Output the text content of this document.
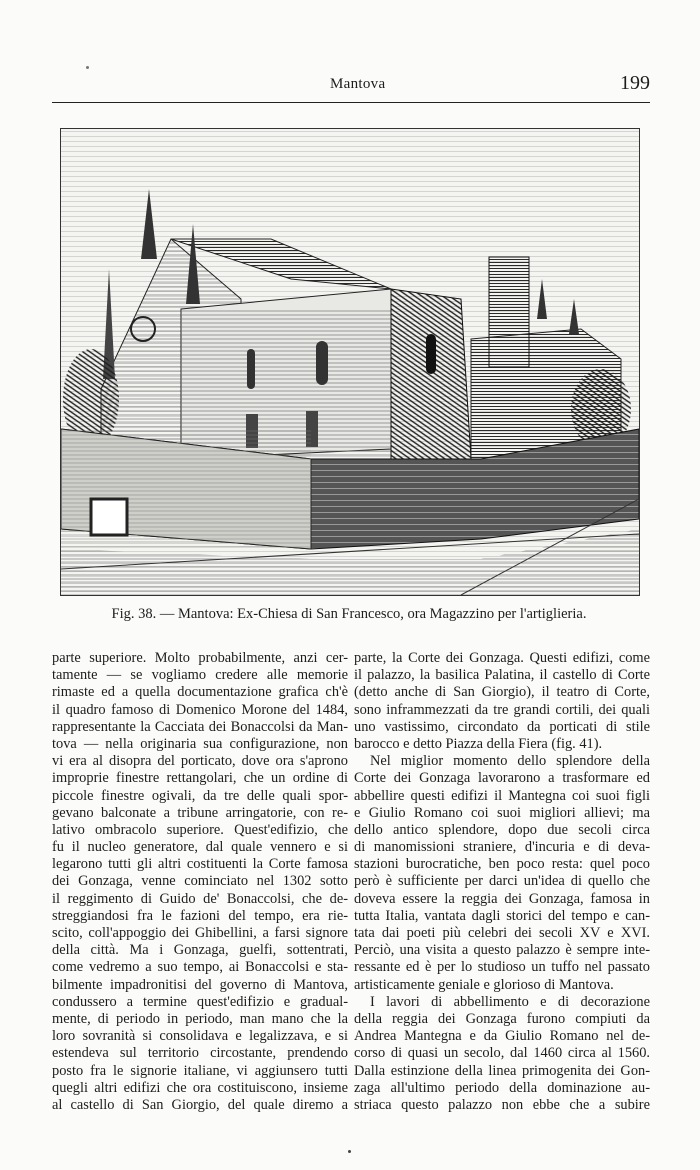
Mantova	199
Fig. 38. — Mantova: Ex-Chiesa di San Francesco, ora Magazzino per l'artiglieria.
parte superiore. Molto probabilmente, anzi cer-
tamente — se vogliamo credere alle memorie
rimaste ed a quella documentazione grafica ch'è
il quadro famoso di Domenico Morone del 1484,
rappresentante la Cacciata dei Bonaccolsi da Man-
tova — nella originaria sua configurazione, non
vi era al disopra del porticato, dove ora s'aprono
improprie finestre rettangolari, che un ordine di
piccole finestre ogivali, da tre delle quali spor-
gevano balconate a tribune arringatorie, con re-
lativo ombracolo superiore. Quest'edifizio, che
fu il nucleo generatore, dal quale vennero e si
legarono tutti gli altri costituenti la Corte famosa
dei Gonzaga, venne cominciato nel 1302 sotto
il reggimento di Guido de' Bonaccolsi, che de-
streggiandosi fra le fazioni del tempo, era rie-
scito, coll'appoggio dei Ghibellini, a farsi signore
della città. Ma i Gonzaga, guelfi, sottentrati,
come vedremo a suo tempo, ai Bonaccolsi e sta-
bilmente impadronitisi del governo di Mantova,
condussero a termine quest'edifizio e gradual-
mente, di periodo in periodo, man mano che la
loro sovranità si consolidava e legalizzava, e si
estendeva sul territorio circostante, prendendo
posto fra le signorie italiane, vi aggiunsero tutti
quegli altri edifizi che ora costituiscono, insieme
al castello di San Giorgio, del quale diremo a
parte, la Corte dei Gonzaga. Questi edifizi, come
il palazzo, la basilica Palatina, il castello di Corte
(detto anche di San Giorgio), il teatro di Corte,
sono inframmezzati da tre grandi cortili, dei quali
uno vastissimo, circondato da porticati di stile
barocco e detto Piazza della Fiera (fig. 41).
Nel miglior momento dello splendore della
Corte dei Gonzaga lavorarono a trasformare ed
abbellire questi edifizi il Mantegna coi suoi figli
e Giulio Romano coi suoi migliori allievi; ma
dello antico splendore, dopo due secoli circa
di manomissioni straniere, d'incuria e di deva-
stazioni burocratiche, ben poco resta: quel poco
però è sufficiente per darci un'idea di quello che
doveva essere la reggia dei Gonzaga, famosa in
tutta Italia, vantata dagli storici del tempo e can-
tata dai poeti più celebri dei secoli XV e XVI.
Perciò, una visita a questo palazzo è sempre inte-
ressante ed è per lo studioso un tuffo nel passato
artisticamente geniale e glorioso di Mantova.
I lavori di abbellimento e di decorazione
della reggia dei Gonzaga furono compiuti da
Andrea Mantegna e da Giulio Romano nel de-
corso di quasi un secolo, dal 1460 circa al 1560.
Dalla estinzione della linea primogenita dei Gon-
zaga all'ultimo periodo della dominazione au-
striaca questo palazzo non ebbe che a subire
